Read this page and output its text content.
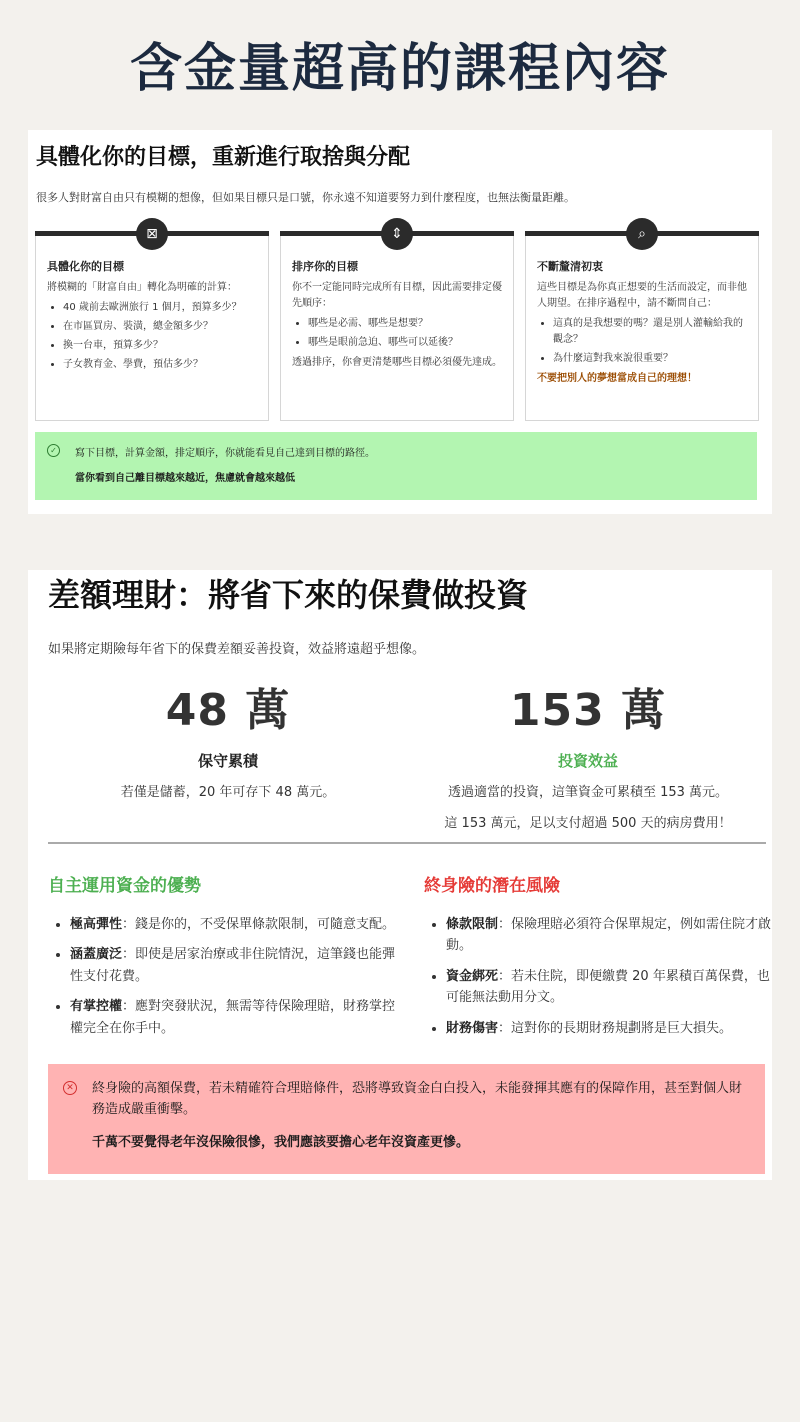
含金量超高的課程內容
具體化你的目標，重新進行取捨與分配

很多人對財富自由只有模糊的想像，但如果目標只是口號，你永遠不知道要努力到什麼程度，也無法衡量距離。

⊠
具體化你的目標

將模糊的「財富自由」轉化為明確的計算：

• 40 歲前去歐洲旅行 1 個月，預算多少？
• 在市區買房、裝潢，總金額多少？
• 換一台車，預算多少？
• 子女教育金、學費，預估多少？
⇕
排序你的目標

你不一定能同時完成所有目標，因此需要排定優先順序：

• 哪些是必需、哪些是想要？
• 哪些是眼前急迫、哪些可以延後？

透過排序，你會更清楚哪些目標必須優先達成。

⌕
不斷釐清初衷

這些目標是為你真正想要的生活而設定，而非他人期望。在排序過程中，請不斷問自己：

• 這真的是我想要的嗎？還是別人灌輸給我的觀念？
• 為什麼這對我來說很重要？

不要把別人的夢想當成自己的理想！

✓	寫下目標，計算金額，排定順序，你就能看見自己達到目標的路徑。
當你看到自己離目標越來越近，焦慮就會越來越低
差額理財：將省下來的保費做投資

如果將定期險每年省下的保費差額妥善投資，效益將遠超乎想像。

48 萬
保守累積
若僅是儲蓄，20 年可存下 48 萬元。
153 萬
投資效益
透過適當的投資，這筆資金可累積至 153 萬元。
這 153 萬元，足以支付超過 500 天的病房費用！
自主運用資金的優勢
• 極高彈性：錢是你的，不受保單條款限制，可隨意支配。
• 涵蓋廣泛：即使是居家治療或非住院情況，這筆錢也能彈性支付花費。
• 有掌控權：應對突發狀況，無需等待保險理賠，財務掌控權完全在你手中。
終身險的潛在風險
• 條款限制：保險理賠必須符合保單規定，例如需住院才啟動。
• 資金綁死：若未住院，即便繳費 20 年累積百萬保費，也可能無法動用分文。
• 財務傷害：這對你的長期財務規劃將是巨大損失。
✕ 終身險的高額保費，若未精確符合理賠條件，恐將導致資金白白投入，未能發揮其應有的保障作用，甚至對個人財務造成嚴重衝擊。
千萬不要覺得老年沒保險很慘，我們應該要擔心老年沒資產更慘。
